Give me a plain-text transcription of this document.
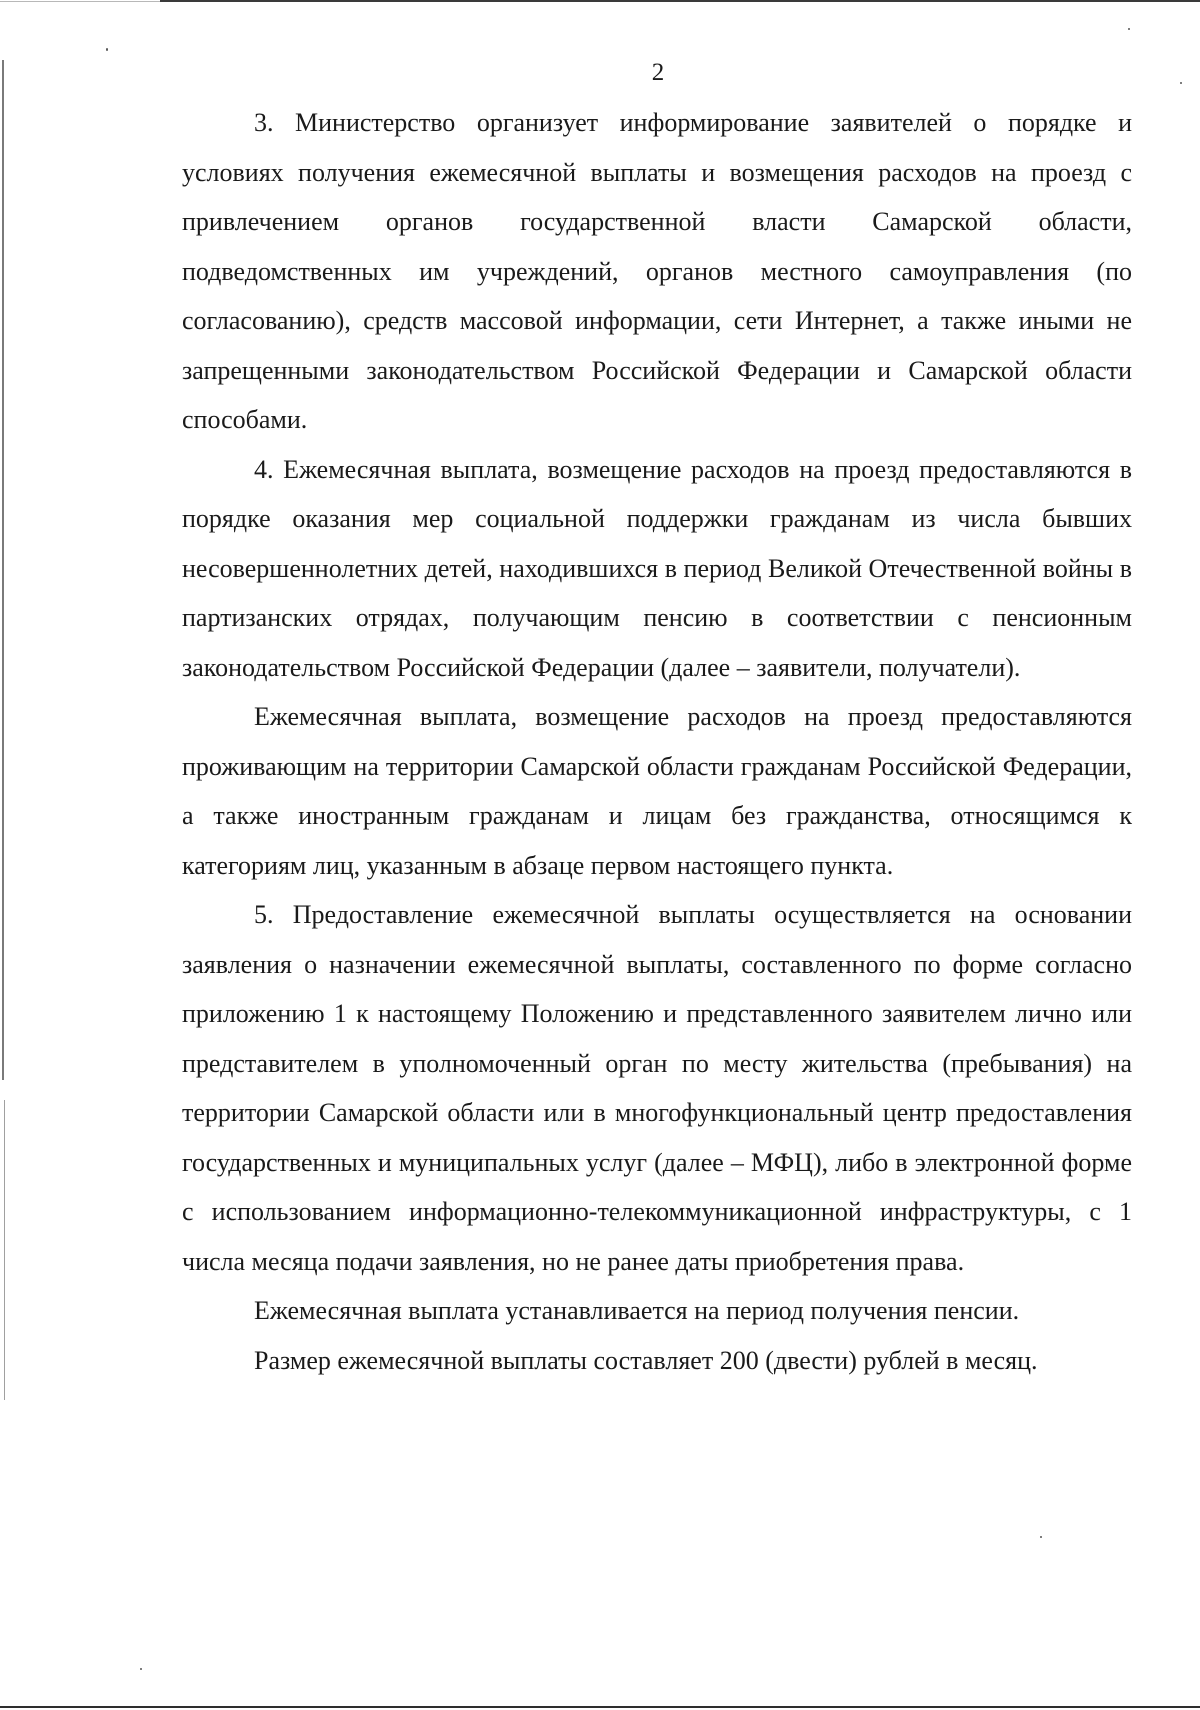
2

3. Министерство организует информирование заявителей о порядке и условиях получения ежемесячной выплаты и возмещения расходов на проезд с привлечением органов государственной власти Самарской области, подведомственных им учреждений, органов местного самоуправления (по согласованию), средств массовой информации, сети Интернет, а также иными не запрещенными законодательством Российской Федерации и Самарской области способами.

4. Ежемесячная выплата, возмещение расходов на проезд предоставляются в порядке оказания мер социальной поддержки гражданам из числа бывших несовершеннолетних детей, находившихся в период Великой Отечественной войны в партизанских отрядах, получающим пенсию в соответствии с пенсионным законодательством Российской Федерации (далее – заявители, получатели).

Ежемесячная выплата, возмещение расходов на проезд предоставляются проживающим на территории Самарской области гражданам Российской Федерации, а также иностранным гражданам и лицам без гражданства, относящимся к категориям лиц, указанным в абзаце первом настоящего пункта.

5. Предоставление ежемесячной выплаты осуществляется на основании заявления о назначении ежемесячной выплаты, составленного по форме согласно приложению 1 к настоящему Положению и представленного заявителем лично или представителем в уполномоченный орган по месту жительства (пребывания) на территории Самарской области или в многофункциональный центр предоставления государственных и муниципальных услуг (далее – МФЦ), либо в электронной форме с использованием информационно-телекоммуникационной инфраструктуры, с 1 числа месяца подачи заявления, но не ранее даты приобретения права.

Ежемесячная выплата устанавливается на период получения пенсии.

Размер ежемесячной выплаты составляет 200 (двести) рублей в месяц.
